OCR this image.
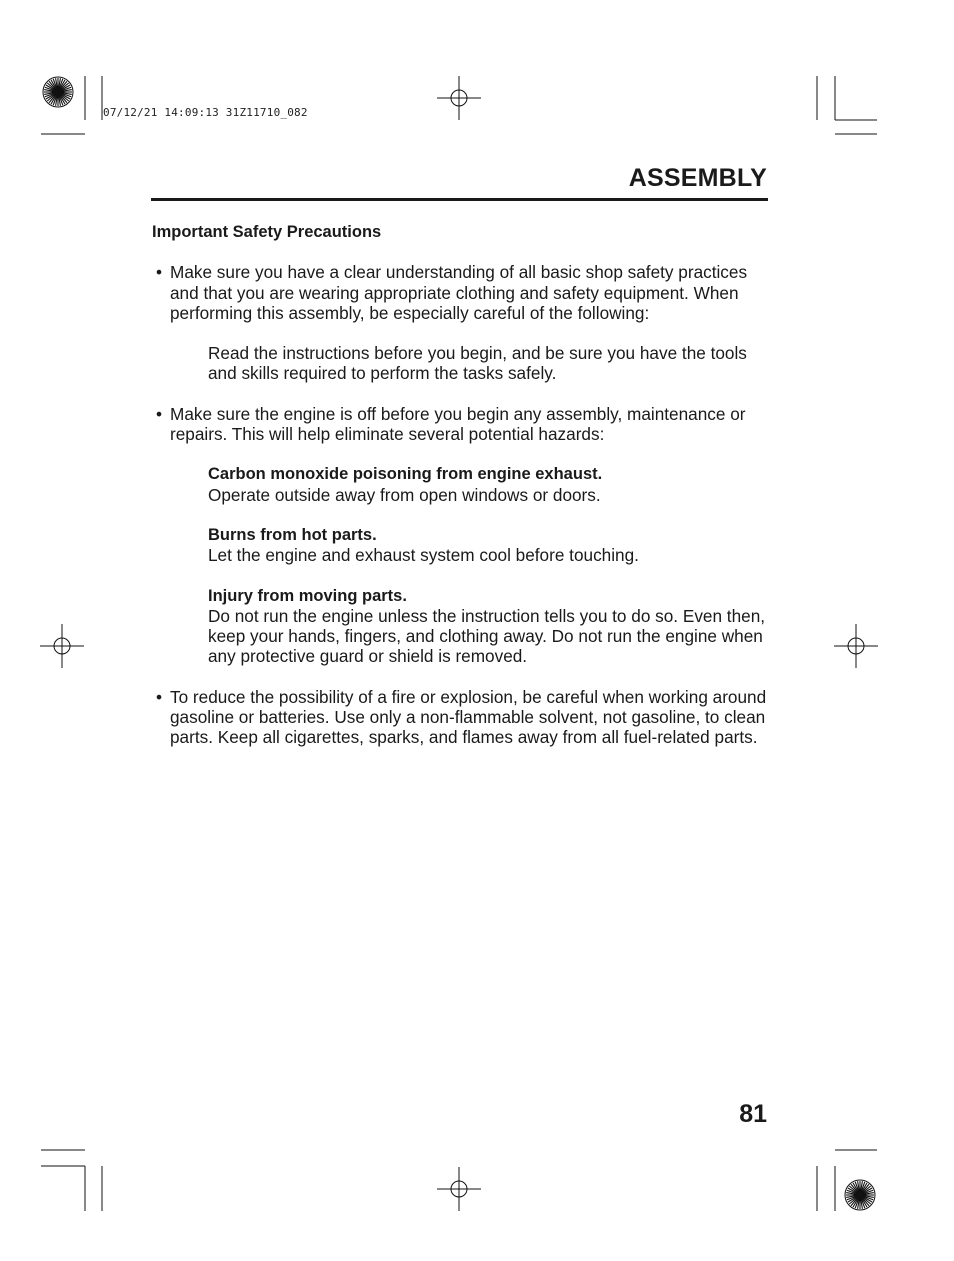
07/12/21 14:09:13 31Z11710_082
ASSEMBLY

Important Safety Precautions

• Make sure you have a clear understanding of all basic shop safety practices and that you are wearing appropriate clothing and safety equipment. When performing this assembly, be especially careful of the following:
Read the instructions before you begin, and be sure you have the tools and skills required to perform the tasks safely.
• Make sure the engine is off before you begin any assembly, maintenance or repairs. This will help eliminate several potential hazards:
Carbon monoxide poisoning from engine exhaust.
Operate outside away from open windows or doors.
Burns from hot parts.
Let the engine and exhaust system cool before touching.
Injury from moving parts.
Do not run the engine unless the instruction tells you to do so. Even then, keep your hands, fingers, and clothing away. Do not run the engine when any protective guard or shield is removed.
• To reduce the possibility of a fire or explosion, be careful when working around gasoline or batteries. Use only a non-flammable solvent, not gasoline, to clean parts. Keep all cigarettes, sparks, and flames away from all fuel-related parts.
81
